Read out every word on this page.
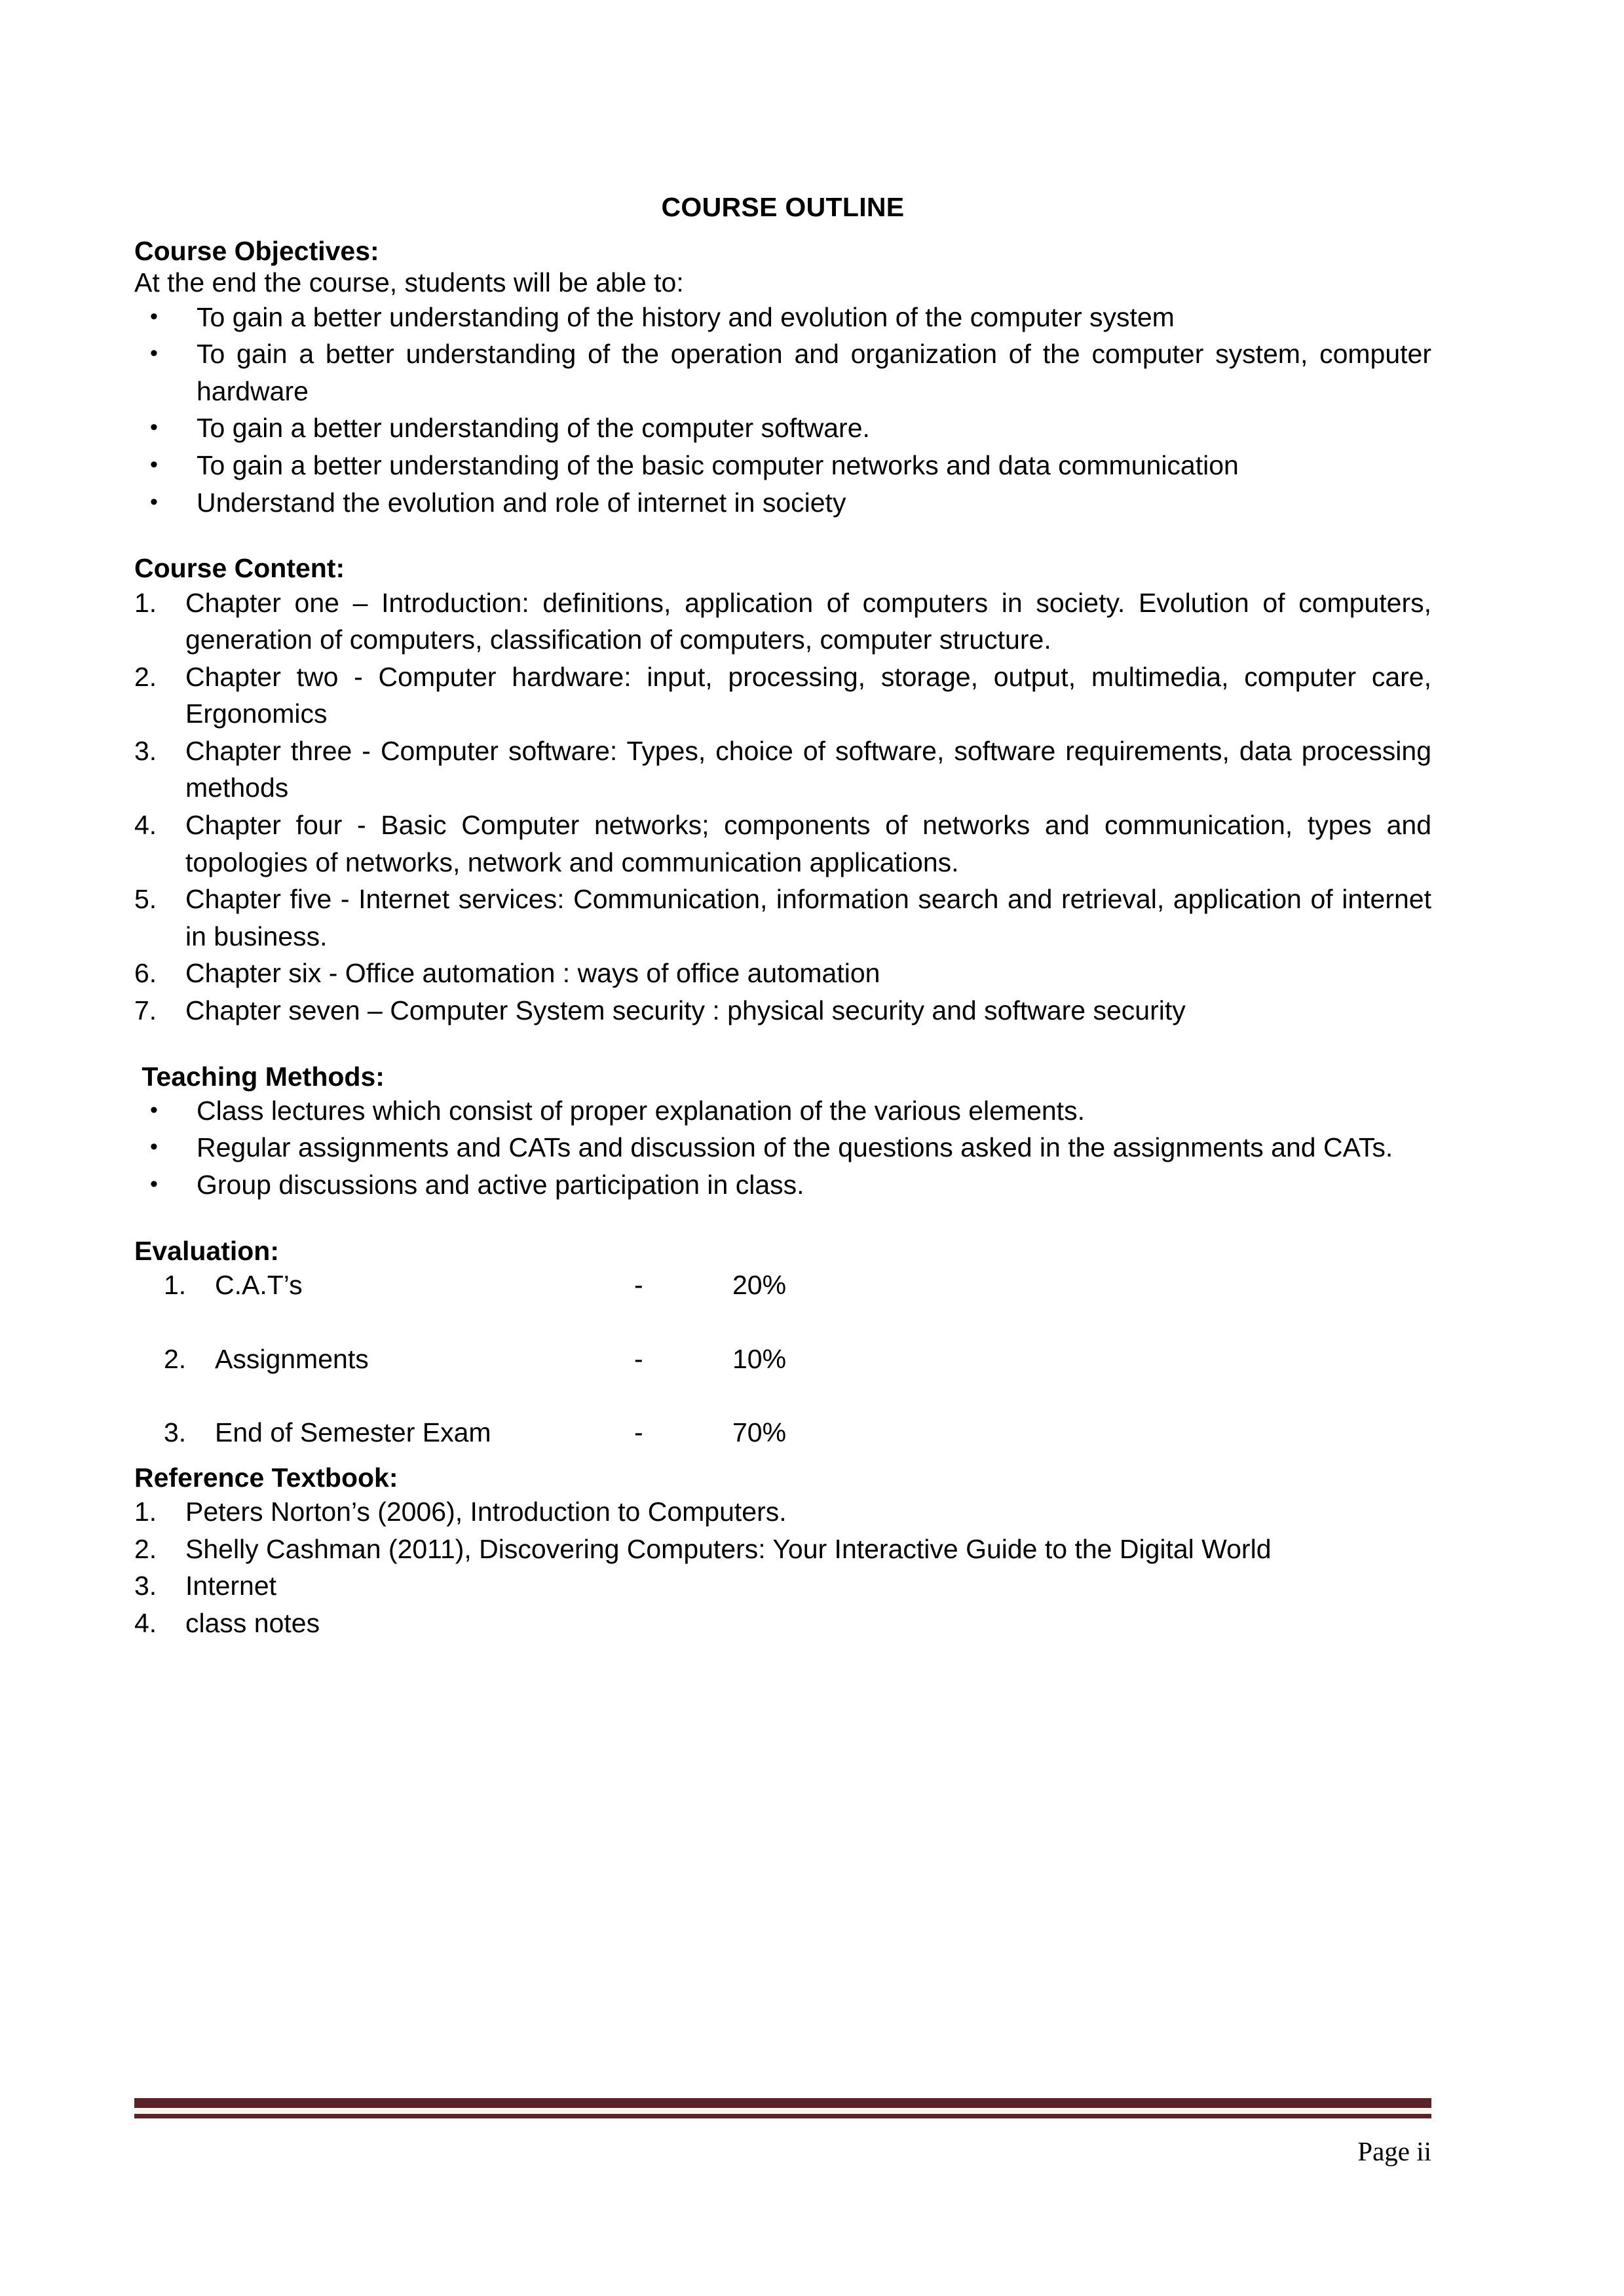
COURSE OUTLINE
Course Objectives:
At the end the course, students will be able to:
• To gain a better understanding of the history and evolution of the computer system
• To gain a better understanding of the operation and organization of the computer system, computer hardware
• To gain a better understanding of the computer software.
• To gain a better understanding of the basic computer networks and data communication
• Understand the evolution and role of internet in society
Course Content:
1. Chapter one – Introduction: definitions, application of computers in society. Evolution of computers, generation of computers, classification of computers, computer structure.
2. Chapter two - Computer hardware: input, processing, storage, output, multimedia, computer care, Ergonomics
3. Chapter three - Computer software: Types, choice of software, software requirements, data processing methods
4. Chapter four - Basic Computer networks; components of networks and communication, types and topologies of networks, network and communication applications.
5. Chapter five - Internet services: Communication, information search and retrieval, application of internet in business.
6. Chapter six - Office automation : ways of office automation
7. Chapter seven – Computer System security : physical security and software security
Teaching Methods:
• Class lectures which consist of proper explanation of the various elements.
• Regular assignments and CATs and discussion of the questions asked in the assignments and CATs.
• Group discussions and active participation in class.
Evaluation:
1.	C.A.T’s	-	20%

2.	Assignments	-	10%

3.	End of Semester Exam	-	70%
Reference Textbook:
1. Peters Norton’s (2006), Introduction to Computers.
2. Shelly Cashman (2011), Discovering Computers: Your Interactive Guide to the Digital World
3. Internet
4. class notes
Page ii
